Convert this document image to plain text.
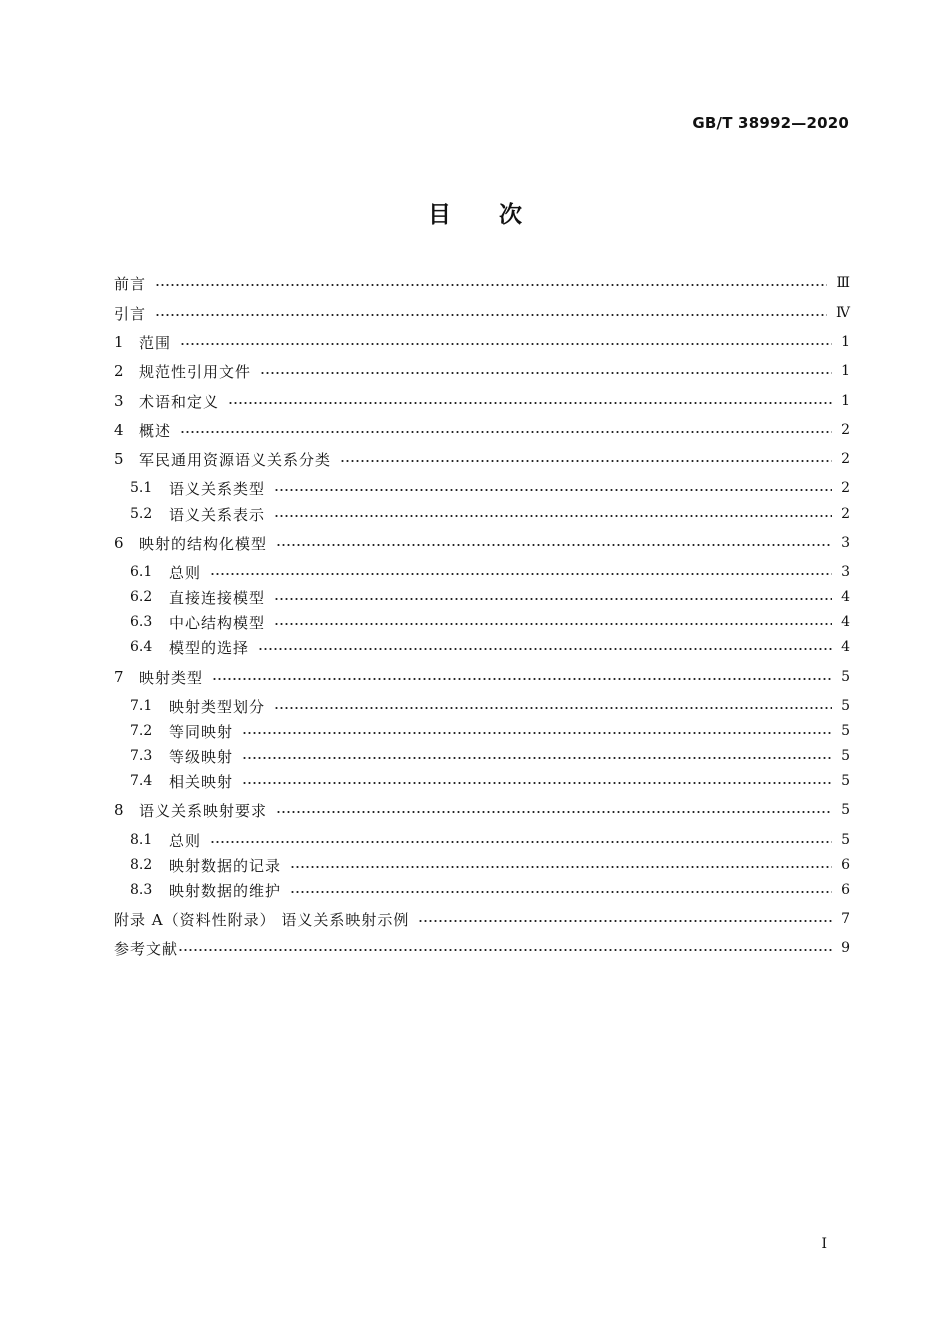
GB/T 38992—2020
目次
前言	Ⅲ
引言	Ⅳ
1	范围	1
2	规范性引用文件	1
3	术语和定义	1
4	概述	2
5	军民通用资源语义关系分类	2
5.1	语义关系类型	2
5.2	语义关系表示	2
6	映射的结构化模型	3
6.1	总则	3
6.2	直接连接模型	4
6.3	中心结构模型	4
6.4	模型的选择	4
7	映射类型	5
7.1	映射类型划分	5
7.2	等同映射	5
7.3	等级映射	5
7.4	相关映射	5
8	语义关系映射要求	5
8.1	总则	5
8.2	映射数据的记录	6
8.3	映射数据的维护	6
附录 A（资料性附录） 语义关系映射示例	7
参考文献	9
I
